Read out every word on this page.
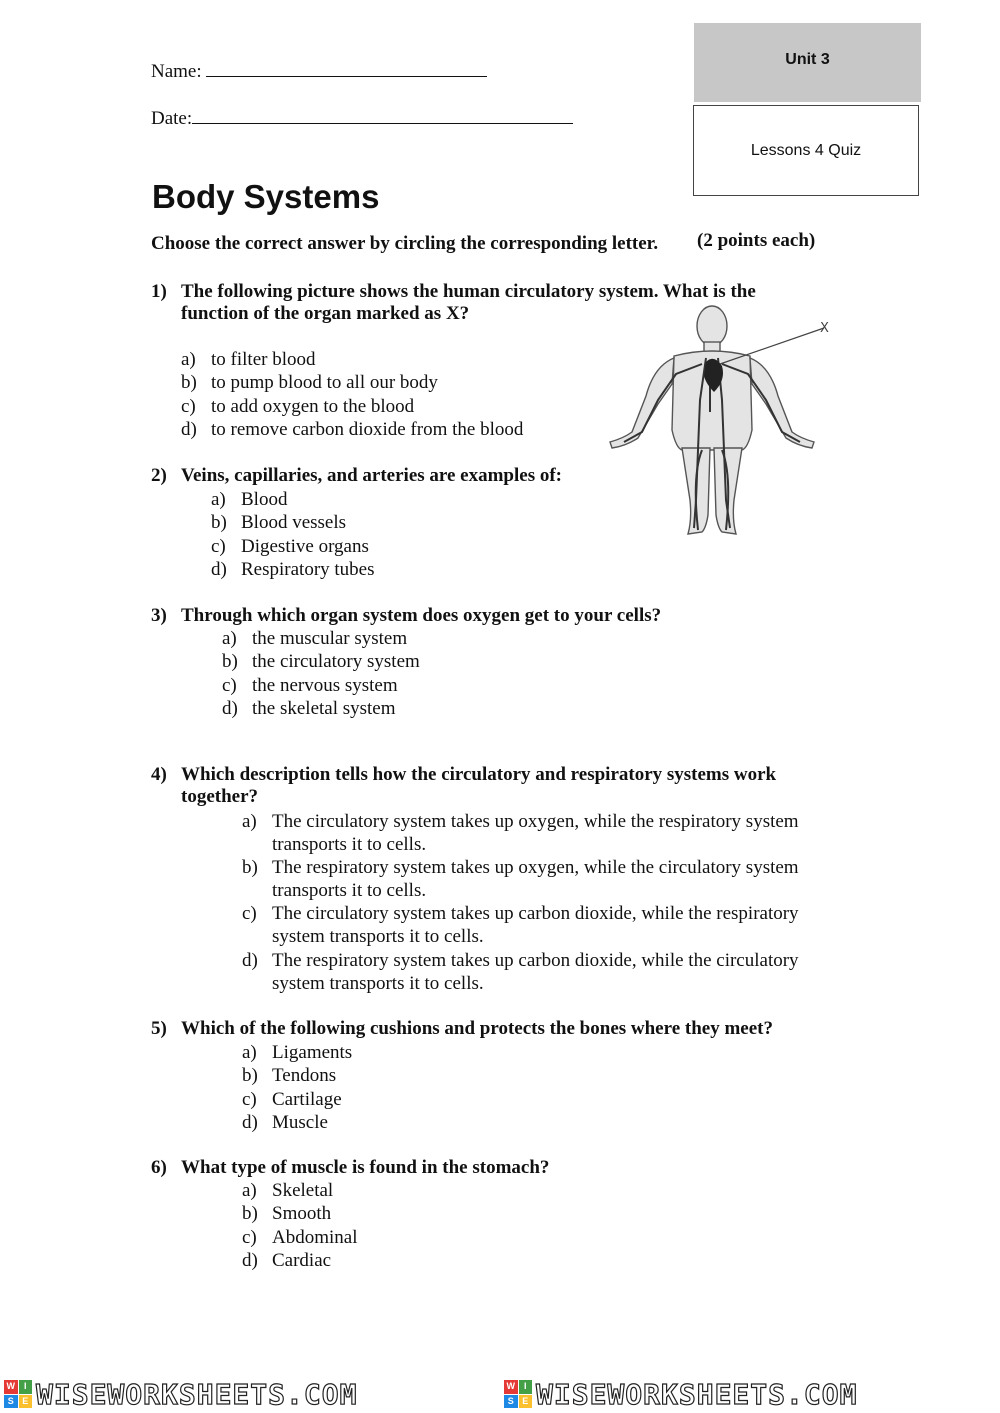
Name:
Date:
Unit 3
Lessons 4 Quiz
Body Systems
Choose the correct answer by circling the corresponding letter. (2 points each)
1) The following picture shows the human circulatory system. What is the
function of the organ marked as X?
a) to filter blood
b) to pump blood to all our body
c) to add oxygen to the blood
d) to remove carbon dioxide from the blood
X
2) Veins, capillaries, and arteries are examples of:
a) Blood
b) Blood vessels
c) Digestive organs
d) Respiratory tubes
3) Through which organ system does oxygen get to your cells?
a) the muscular system
b) the circulatory system
c) the nervous system
d) the skeletal system
4) Which description tells how the circulatory and respiratory systems work
together?
a) The circulatory system takes up oxygen, while the respiratory system transports it to cells.
b) The respiratory system takes up oxygen, while the circulatory system transports it to cells.
c) The circulatory system takes up carbon dioxide, while the respiratory system transports it to cells.
d) The respiratory system takes up carbon dioxide, while the circulatory system transports it to cells.
5) Which of the following cushions and protects the bones where they meet?
a) Ligaments
b) Tendons
c) Cartilage
d) Muscle
6) What type of muscle is found in the stomach?
a) Skeletal
b) Smooth
c) Abdominal
d) Cardiac
W I
S E WISEWORKSHEETS.COM	W I
S E WISEWORKSHEETS.COM
